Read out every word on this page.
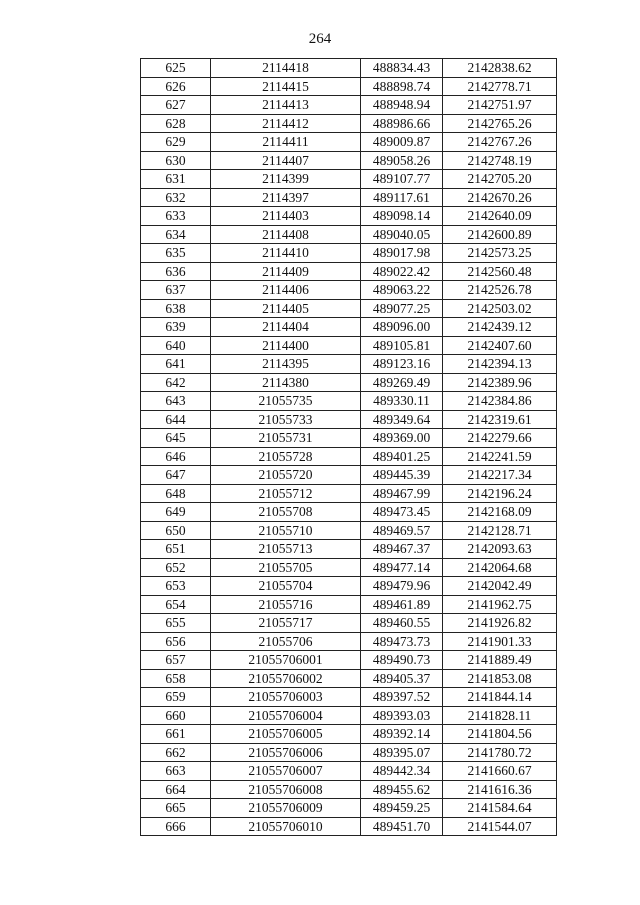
264
625	2114418	488834.43	2142838.62
626	2114415	488898.74	2142778.71
627	2114413	488948.94	2142751.97
628	2114412	488986.66	2142765.26
629	2114411	489009.87	2142767.26
630	2114407	489058.26	2142748.19
631	2114399	489107.77	2142705.20
632	2114397	489117.61	2142670.26
633	2114403	489098.14	2142640.09
634	2114408	489040.05	2142600.89
635	2114410	489017.98	2142573.25
636	2114409	489022.42	2142560.48
637	2114406	489063.22	2142526.78
638	2114405	489077.25	2142503.02
639	2114404	489096.00	2142439.12
640	2114400	489105.81	2142407.60
641	2114395	489123.16	2142394.13
642	2114380	489269.49	2142389.96
643	21055735	489330.11	2142384.86
644	21055733	489349.64	2142319.61
645	21055731	489369.00	2142279.66
646	21055728	489401.25	2142241.59
647	21055720	489445.39	2142217.34
648	21055712	489467.99	2142196.24
649	21055708	489473.45	2142168.09
650	21055710	489469.57	2142128.71
651	21055713	489467.37	2142093.63
652	21055705	489477.14	2142064.68
653	21055704	489479.96	2142042.49
654	21055716	489461.89	2141962.75
655	21055717	489460.55	2141926.82
656	21055706	489473.73	2141901.33
657	21055706001	489490.73	2141889.49
658	21055706002	489405.37	2141853.08
659	21055706003	489397.52	2141844.14
660	21055706004	489393.03	2141828.11
661	21055706005	489392.14	2141804.56
662	21055706006	489395.07	2141780.72
663	21055706007	489442.34	2141660.67
664	21055706008	489455.62	2141616.36
665	21055706009	489459.25	2141584.64
666	21055706010	489451.70	2141544.07
